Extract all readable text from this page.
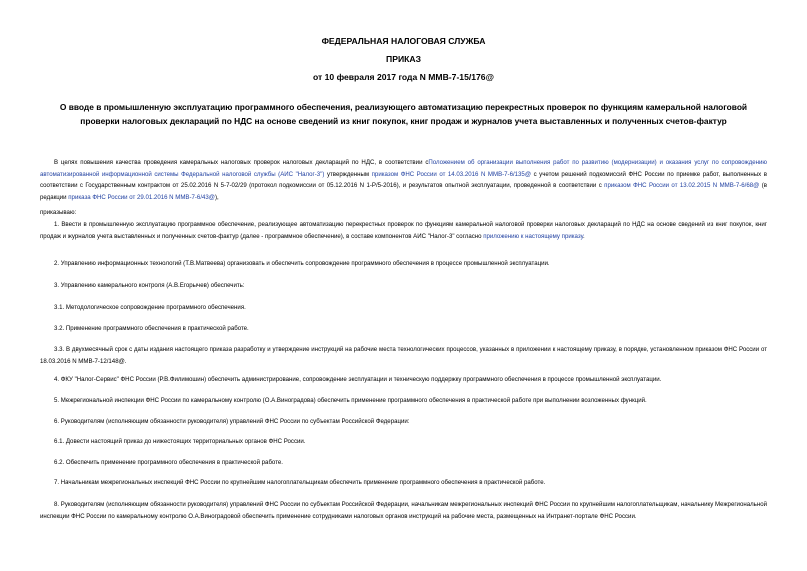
ФЕДЕРАЛЬНАЯ НАЛОГОВАЯ СЛУЖБА
ПРИКАЗ
от 10 февраля 2017 года N ММВ-7-15/176@
О вводе в промышленную эксплуатацию программного обеспечения, реализующего автоматизацию перекрестных проверок по функциям камеральной налоговой проверки налоговых деклараций по НДС на основе сведений из книг покупок, книг продаж и журналов учета выставленных и полученных счетов-фактур

В целях повышения качества проведения камеральных налоговых проверок налоговых деклараций по НДС, в соответствии сПоложением об организации выполнения работ по развитию (модернизации) и оказания услуг по сопровождению автоматизированной информационной системы Федеральной налоговой службы (АИС "Налог-3") утвержденным приказом ФНС России от 14.03.2016 N ММВ-7-6/135@ с учетом решений подкомиссий ФНС России по приемке работ, выполненных в соответствии с Государственным контрактом от 25.02.2016 N 5-7-02/29 (протокол подкомиссии от 05.12.2016 N 1-Р/5-2016), и результатов опытной эксплуатации, проведенной в соответствии с приказом ФНС России от 13.02.2015 N ММВ-7-6/68@ (в редакции приказа ФНС России от 29.01.2016 N ММВ-7-6/43@),

приказываю:

1. Ввести в промышленную эксплуатацию программное обеспечение, реализующее автоматизацию перекрестных проверок по функциям камеральной налоговой проверки налоговых деклараций по НДС на основе сведений из книг покупок, книг продаж и журналов учета выставленных и полученных счетов-фактур (далее - программное обеспечение), в составе компонентов АИС "Налог-3" согласно приложению к настоящему приказу.

2. Управлению информационных технологий (Т.В.Матвеева) организовать и обеспечить сопровождение программного обеспечения в процессе промышленной эксплуатации.

3. Управлению камерального контроля (А.В.Егорычев) обеспечить:

3.1. Методологическое сопровождение программного обеспечения.

3.2. Применение программного обеспечения в практической работе.

3.3. В двухмесячный срок с даты издания настоящего приказа разработку и утверждение инструкций на рабочие места технологических процессов, указанных в приложении к настоящему приказу, в порядке, установленном приказом ФНС России от 18.03.2016 N ММВ-7-12/148@.

4. ФКУ "Налог-Сервис" ФНС России (Р.В.Филимошин) обеспечить администрирование, сопровождение эксплуатации и техническую поддержку программного обеспечения в процессе промышленной эксплуатации.

5. Межрегиональной инспекции ФНС России по камеральному контролю (О.А.Виноградова) обеспечить применение программного обеспечения в практической работе при выполнении возложенных функций.

6. Руководителям (исполняющим обязанности руководителя) управлений ФНС России по субъектам Российской Федерации:

6.1. Довести настоящий приказ до нижестоящих территориальных органов ФНС России.

6.2. Обеспечить применение программного обеспечения в практической работе.

7. Начальникам межрегиональных инспекций ФНС России по крупнейшим налогоплательщикам обеспечить применение программного обеспечения в практической работе.

8. Руководителям (исполняющим обязанности руководителя) управлений ФНС России по субъектам Российской Федерации, начальникам межрегиональных инспекций ФНС России по крупнейшим налогоплательщикам, начальнику Межрегиональной инспекции ФНС России по камеральному контролю О.А.Виноградовой обеспечить применение сотрудниками налоговых органов инструкций на рабочие места, размещенных на Интранет-портале ФНС России.
